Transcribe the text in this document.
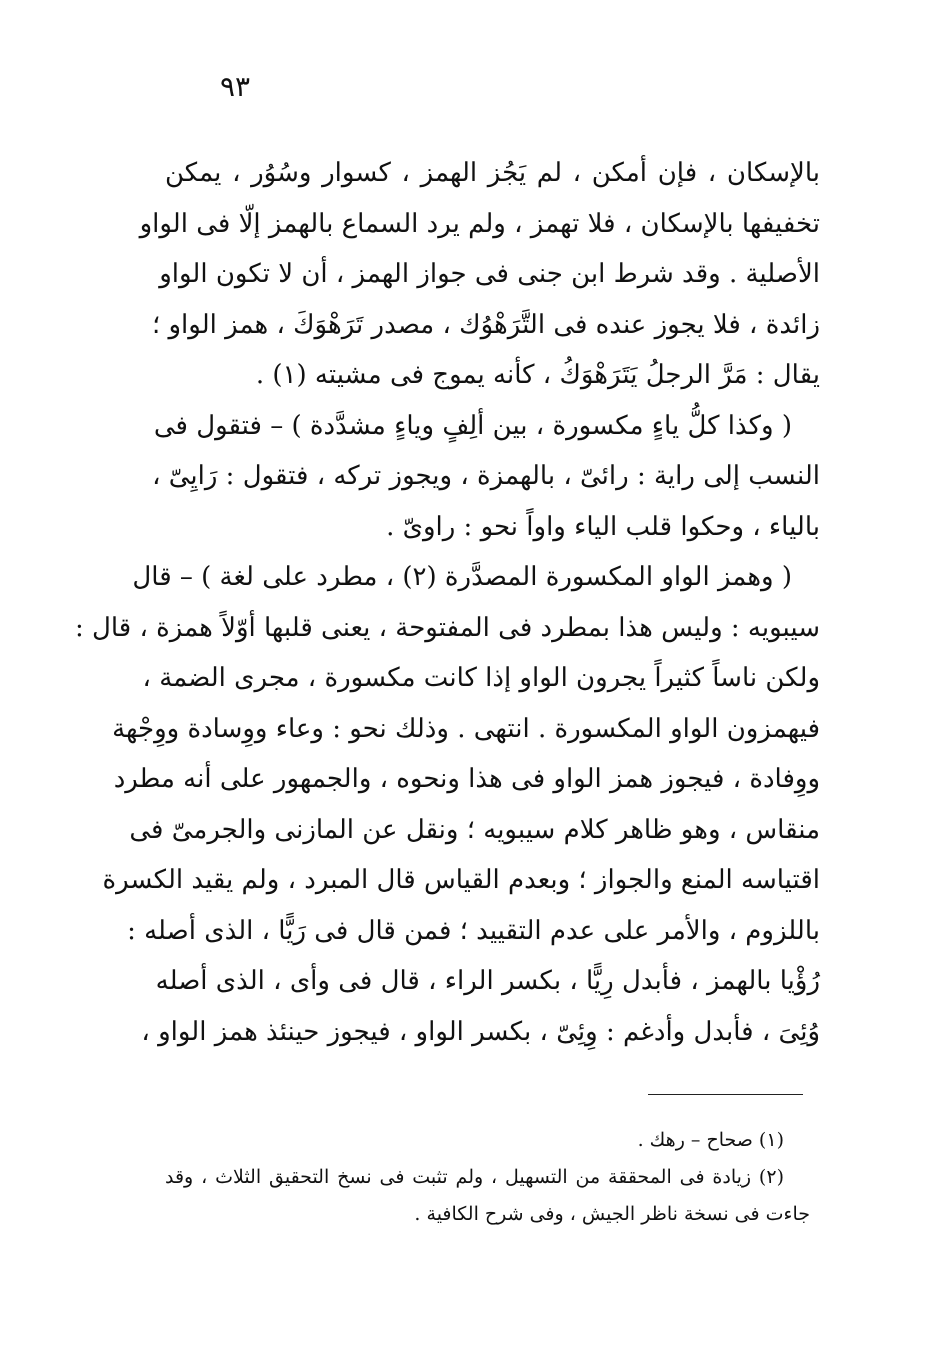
٩٣
بالإسكان ، فإن أمكن ، لم يَجُز الهمز ، كسوار وسُوُر ، يمكن
تخفيفها بالإسكان ، فلا تهمز ، ولم يرد السماع بالهمز إلّا فى الواو
الأصلية . وقد شرط ابن جنى فى جواز الهمز ، أن لا تكون الواو
زائدة ، فلا يجوز عنده فى التَّرَهْوُك ، مصدر تَرَهْوَكَ ، همز الواو ؛
يقال : مَرَّ الرجلُ يَتَرَهْوَكُ ، كأنه يموج فى مشيته (١) .
( وكذا كلُّ ياءٍ مكسورة ، بين ألِفٍ وياءٍ مشدَّدة ) – فتقول فى
النسب إلى راية : رائىّ ، بالهمزة ، ويجوز تركه ، فتقول : رَايِىّ ،
بالياء ، وحكوا قلب الياء واواً نحو : راوىّ .
( وهمز الواو المكسورة المصدَّرة (٢) ، مطرد على لغة ) – قال
سيبويه : وليس هذا بمطرد فى المفتوحة ، يعنى قلبها أوّلاً همزة ، قال :
ولكن ناساً كثيراً يجرون الواو إذا كانت مكسورة ، مجرى الضمة ،
فيهمزون الواو المكسورة . انتهى . وذلك نحو : وعاء ووِسادة ووِجْهة
ووِفادة ، فيجوز همز الواو فى هذا ونحوه ، والجمهور على أنه مطرد
منقاس ، وهو ظاهر كلام سيبويه ؛ ونقل عن المازنى والجرمىّ فى
اقتياسه المنع والجواز ؛ وبعدم القياس قال المبرد ، ولم يقيد الكسرة
باللزوم ، والأمر على عدم التقييد ؛ فمن قال فى رَيًّا ، الذى أصله :
رُؤْيا بالهمز ، فأبدل رِيًّا ، بكسر الراء ، قال فى وأى ، الذى أصله
وُئِىَ ، فأبدل وأدغم : وِئِىّ ، بكسر الواو ، فيجوز حينئذ همز الواو ،
(١) صحاح – رهك .
(٢) زيادة فى المحققة من التسهيل ، ولم تثبت فى نسخ التحقيق الثلاث ، وقد
جاءت فى نسخة ناظر الجيش ، وفى شرح الكافية .
